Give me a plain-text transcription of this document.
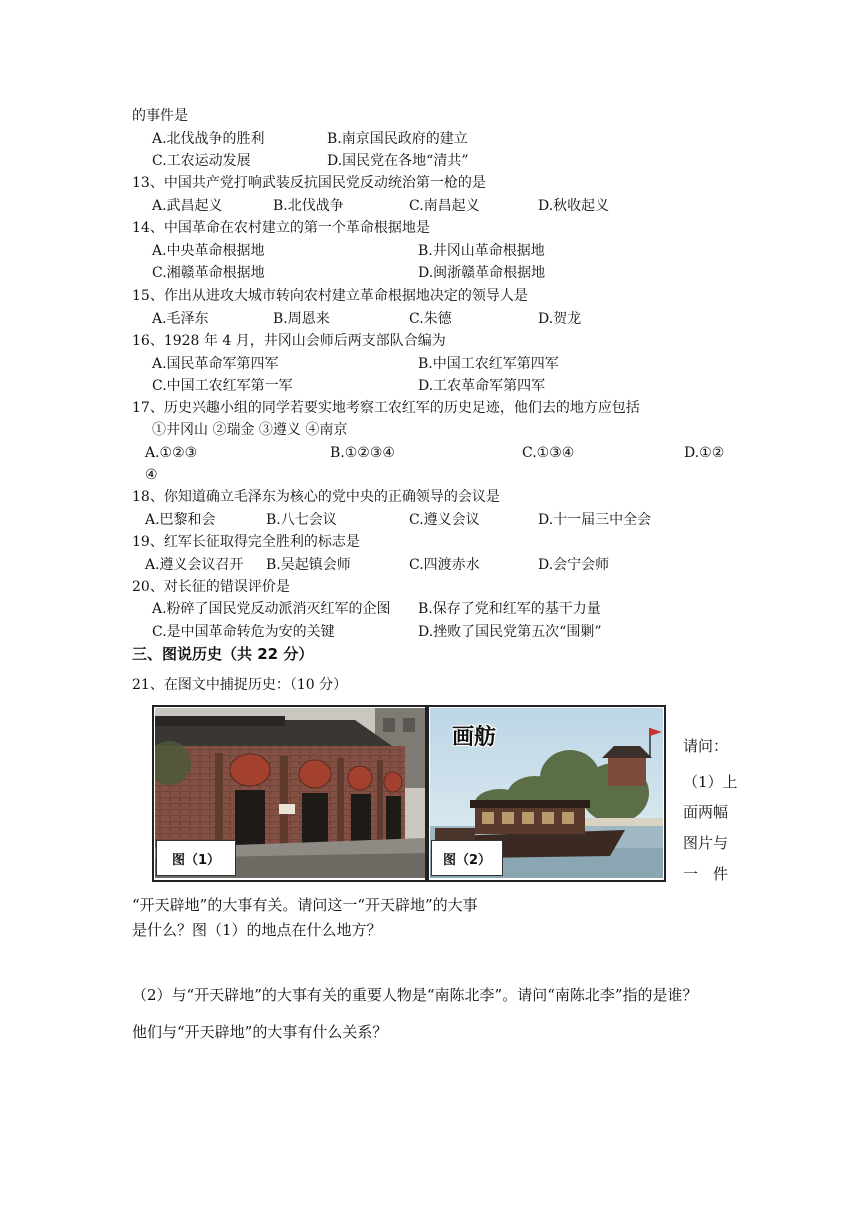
的事件是
A.北伐战争的胜利	B.南京国民政府的建立
C.工农运动发展	D.国民党在各地“清共”
13、中国共产党打响武装反抗国民党反动统治第一枪的是
A.武昌起义	B.北伐战争	C.南昌起义	D.秋收起义
14、中国革命在农村建立的第一个革命根据地是
A.中央革命根据地	B.井冈山革命根据地
C.湘赣革命根据地	D.闽浙赣革命根据地
15、作出从进攻大城市转向农村建立革命根据地决定的领导人是
A.毛泽东	B.周恩来	C.朱德	D.贺龙
16、1928 年 4 月，井冈山会师后两支部队合编为
A.国民革命军第四军	B.中国工农红军第四军
C.中国工农红军第一军	D.工农革命军第四军
17、历史兴趣小组的同学若要实地考察工农红军的历史足迹，他们去的地方应包括
①井冈山 ②瑞金 ③遵义 ④南京
A.①②③	B.①②③④	C.①③④	D.①②
④
18、你知道确立毛泽东为核心的党中央的正确领导的会议是
A.巴黎和会	B.八七会议	C.遵义会议	D.十一届三中全会
19、红军长征取得完全胜利的标志是
A.遵义会议召开 B.吴起镇会师	C.四渡赤水	D.会宁会师
20、对长征的错误评价是
A.粉碎了国民党反动派消灭红军的企图 B.保存了党和红军的基干力量
C.是中国革命转危为安的关键	D.挫败了国民党第五次“围剿”
三、图说历史（共 22 分）
21、在图文中捕捉历史：（10 分）
画舫
图（1）	图（2）
请问：
（1）上
面两幅
图片与
一　件
“开天辟地”的大事有关。请问这一“开天辟地”的大事
是什么？图（1）的地点在什么地方？
（2）与“开天辟地”的大事有关的重要人物是“南陈北李”。请问“南陈北李”指的是谁？
他们与“开天辟地”的大事有什么关系？
